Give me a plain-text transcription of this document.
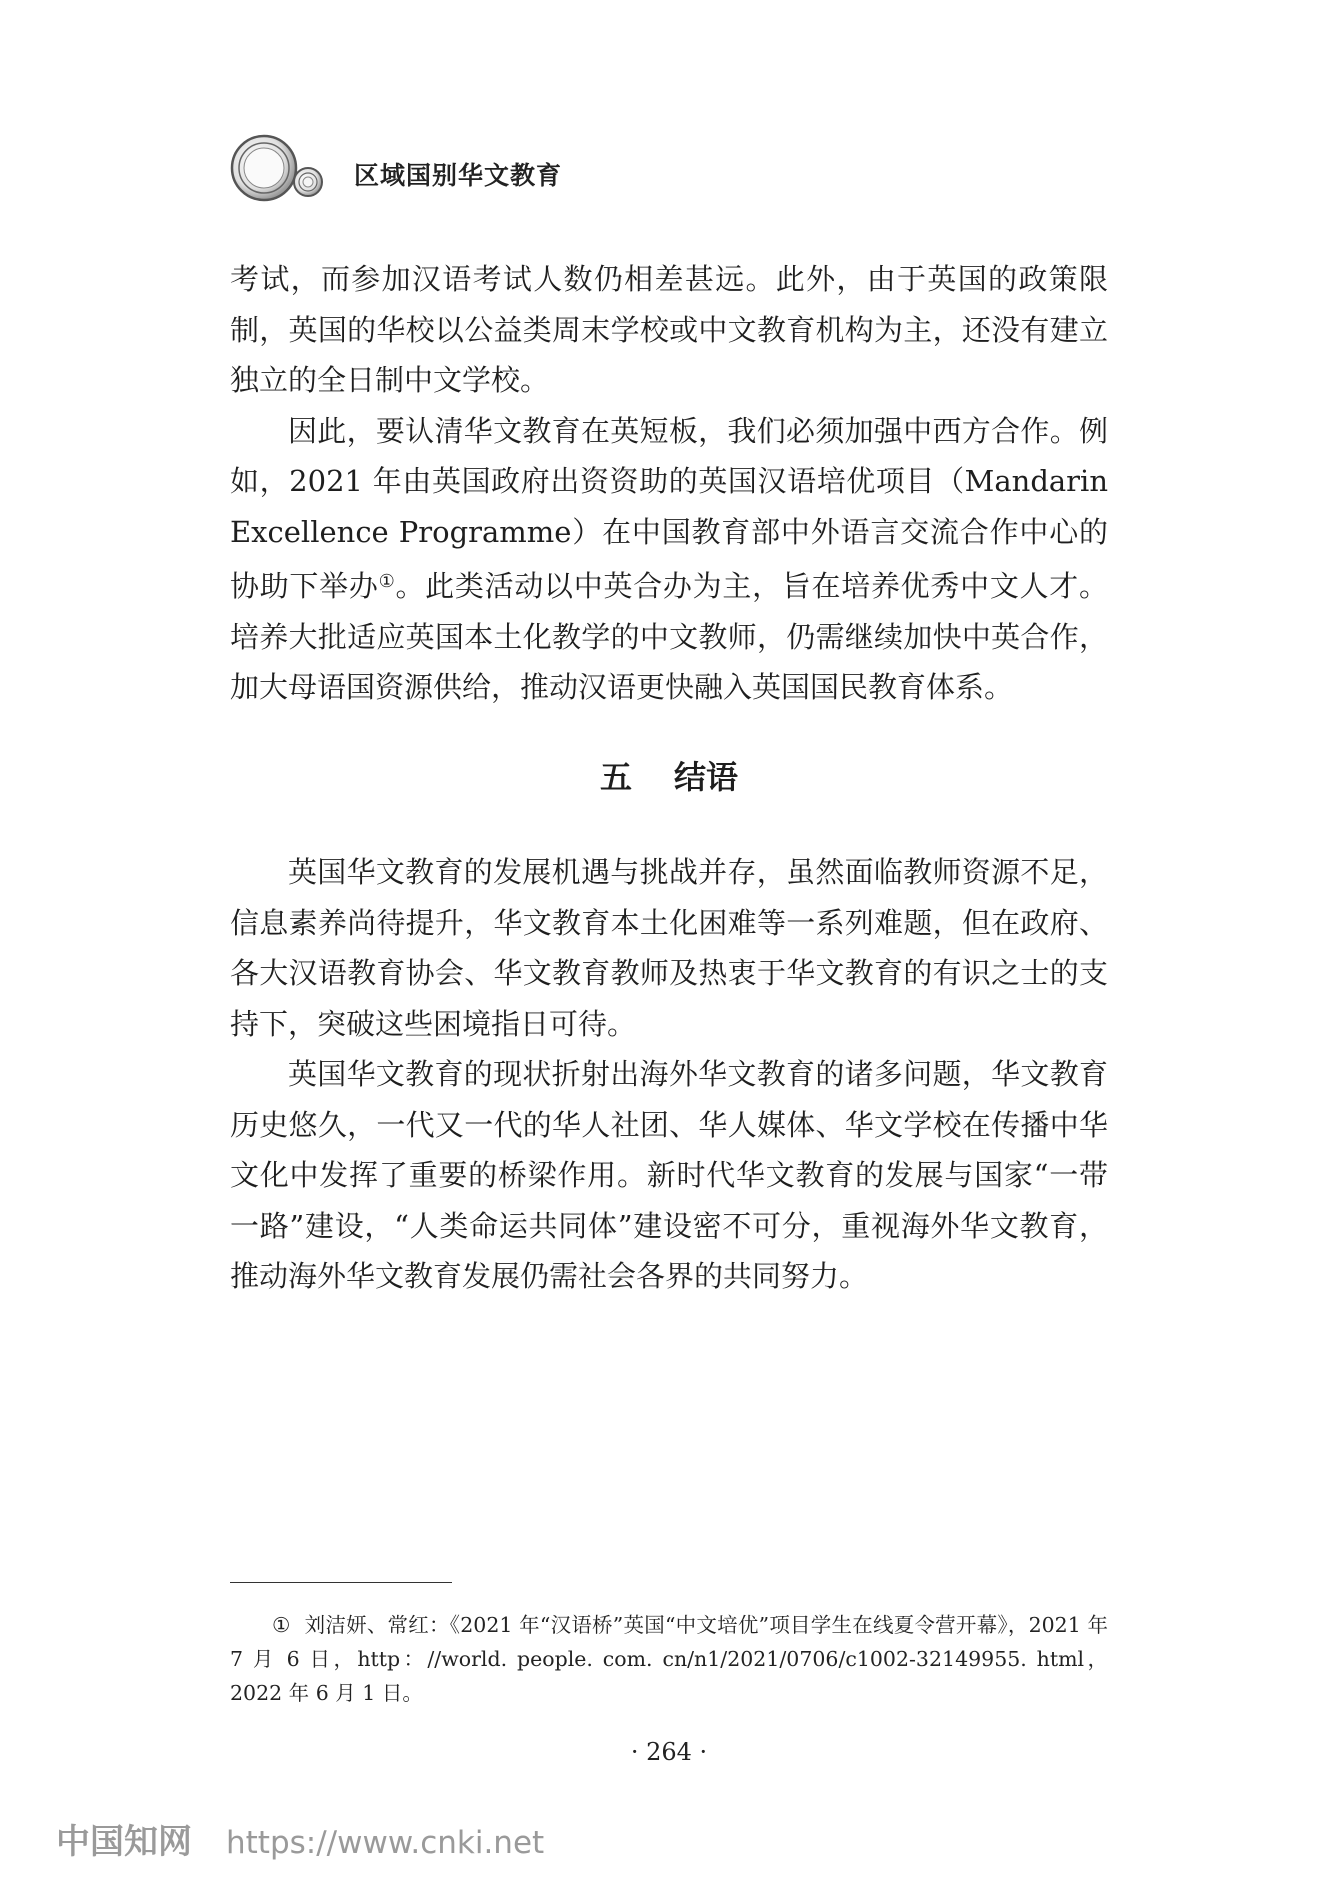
区域国别华文教育

考试，而参加汉语考试人数仍相差甚远。此外，由于英国的政策限制，英国的华校以公益类周末学校或中文教育机构为主，还没有建立独立的全日制中文学校。

因此，要认清华文教育在英短板，我们必须加强中西方合作。例如，2021 年由英国政府出资资助的英国汉语培优项目（Mandarin Excellence Programme）在中国教育部中外语言交流合作中心的协助下举办①。此类活动以中英合办为主，旨在培养优秀中文人才。培养大批适应英国本土化教学的中文教师，仍需继续加快中英合作，加大母语国资源供给，推动汉语更快融入英国国民教育体系。

五 结语

英国华文教育的发展机遇与挑战并存，虽然面临教师资源不足，信息素养尚待提升，华文教育本土化困难等一系列难题，但在政府、各大汉语教育协会、华文教育教师及热衷于华文教育的有识之士的支持下，突破这些困境指日可待。

英国华文教育的现状折射出海外华文教育的诸多问题，华文教育历史悠久，一代又一代的华人社团、华人媒体、华文学校在传播中华文化中发挥了重要的桥梁作用。新时代华文教育的发展与国家“一带一路”建设，“人类命运共同体”建设密不可分，重视海外华文教育，推动海外华文教育发展仍需社会各界的共同努力。

① 刘洁妍、常红：《2021 年“汉语桥”英国“中文培优”项目学生在线夏令营开幕》，2021 年 7 月 6 日，http：//world. people. com. cn/n1/2021/0706/c1002-32149955. html，2022 年 6 月 1 日。
· 264 ·
中国知网 https://www.cnki.net
